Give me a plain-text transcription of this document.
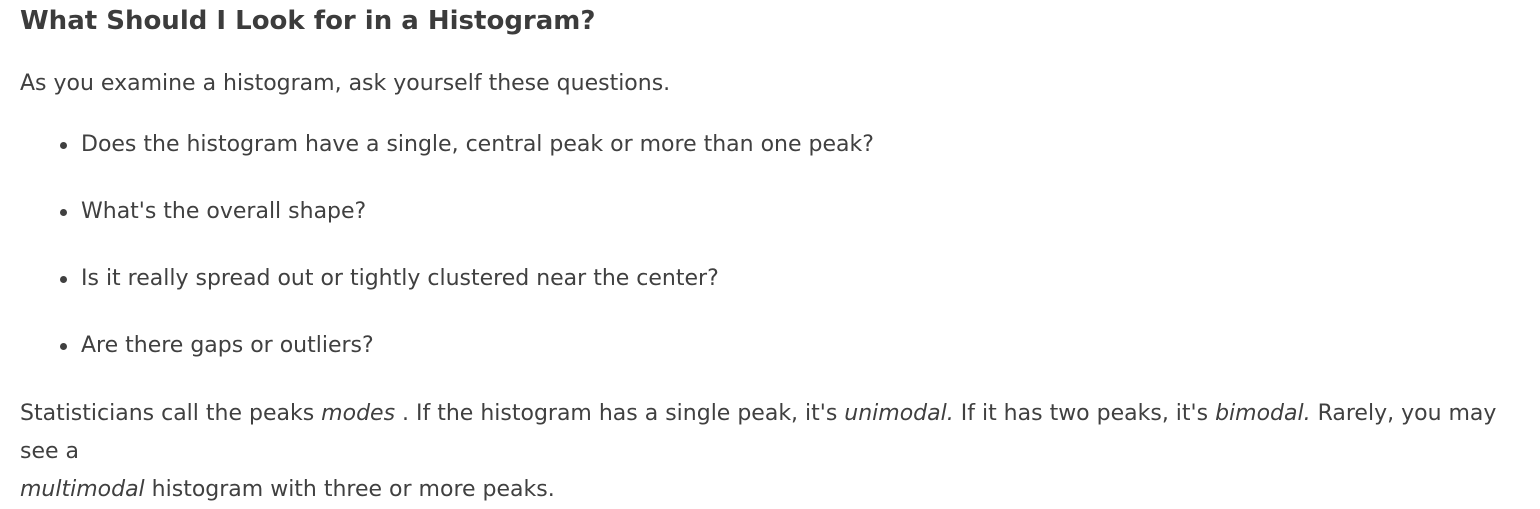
What Should I Look for in a Histogram?

As you examine a histogram, ask yourself these questions.

Does the histogram have a single, central peak or more than one peak?
What's the overall shape?
Is it really spread out or tightly clustered near the center?
Are there gaps or outliers?

Statisticians call the peaks modes . If the histogram has a single peak, it's unimodal. If it has two peaks, it's bimodal. Rarely, you may see a
multimodal histogram with three or more peaks.
